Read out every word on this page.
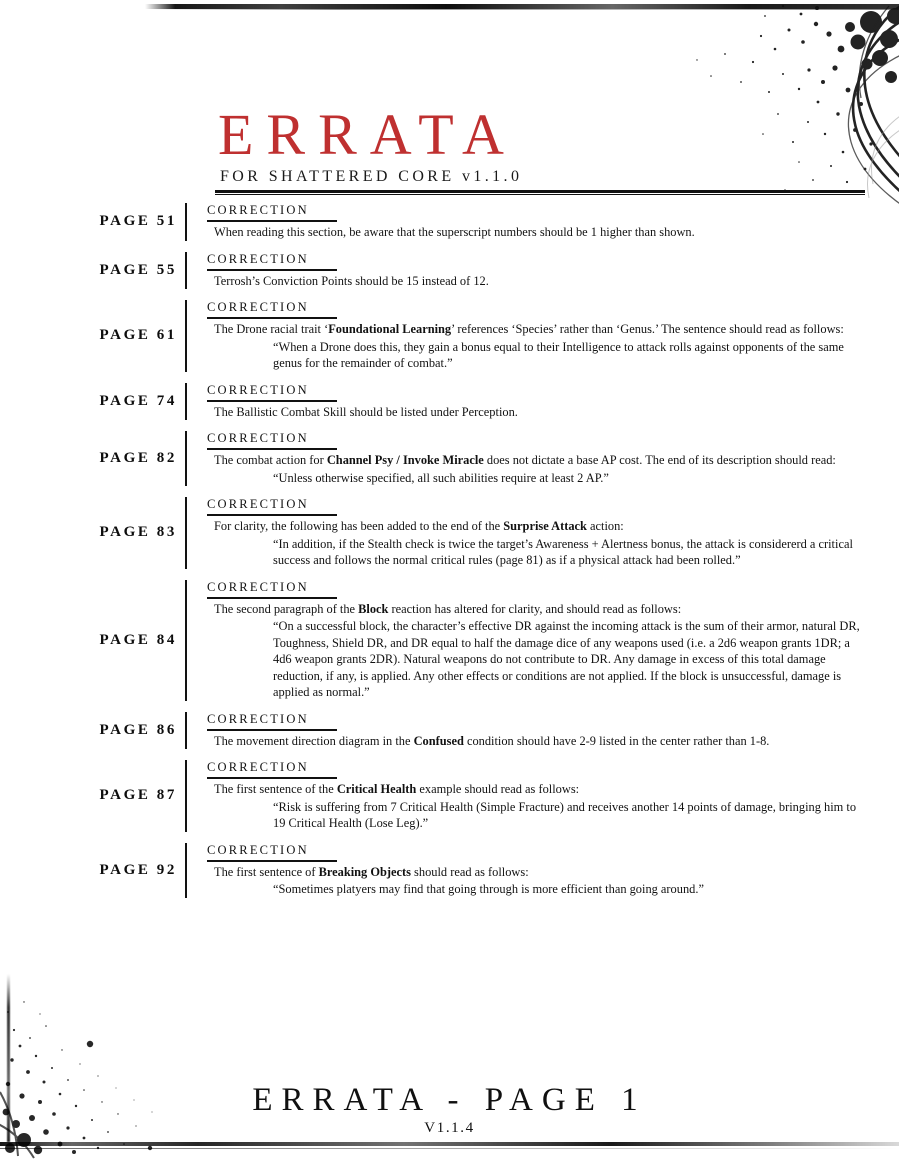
ERRATA
FOR SHATTERED CORE v1.1.0
PAGE 51
CORRECTION
When reading this section, be aware that the superscript numbers should be 1 higher than shown.
PAGE 55
CORRECTION
Terrosh’s Conviction Points should be 15 instead of 12.
PAGE 61
CORRECTION
The Drone racial trait ‘Foundational Learning’ references ‘Species’ rather than ‘Genus.’ The sentence should read as follows:
“When a Drone does this, they gain a bonus equal to their Intelligence to attack rolls against opponents of the same genus for the remainder of combat.”
PAGE 74
CORRECTION
The Ballistic Combat Skill should be listed under Perception.
PAGE 82
CORRECTION
The combat action for Channel Psy / Invoke Miracle does not dictate a base AP cost. The end of its description should read:
“Unless otherwise specified, all such abilities require at least 2 AP.”
PAGE 83
CORRECTION
For clarity, the following has been added to the end of the Surprise Attack action:
“In addition, if the Stealth check is twice the target’s Awareness + Alertness bonus, the attack is considererd a critical success and follows the normal critical rules (page 81) as if a physical attack had been rolled.”
PAGE 84
CORRECTION
The second paragraph of the Block reaction has altered for clarity, and should read as follows:
“On a successful block, the character’s effective DR against the incoming attack is the sum of their armor, natural DR, Toughness, Shield DR, and DR equal to half the damage dice of any weapons used (i.e. a 2d6 weapon grants 1DR; a 4d6 weapon grants 2DR). Natural weapons do not contribute to DR. Any damage in excess of this total damage reduction, if any, is applied. Any other effects or conditions are not applied. If the block is unsuccessful, damage is applied as normal.”
PAGE 86
CORRECTION
The movement direction diagram in the Confused condition should have 2-9 listed in the center rather than 1-8.
PAGE 87
CORRECTION
The first sentence of the Critical Health example should read as follows:
“Risk is suffering from 7 Critical Health (Simple Fracture) and receives another 14 points of damage, bringing him to 19 Critical Health (Lose Leg).”
PAGE 92
CORRECTION
The first sentence of Breaking Objects should read as follows:
“Sometimes platyers may find that going through is more efficient than going around.”
ERRATA - PAGE 1
V1.1.4
